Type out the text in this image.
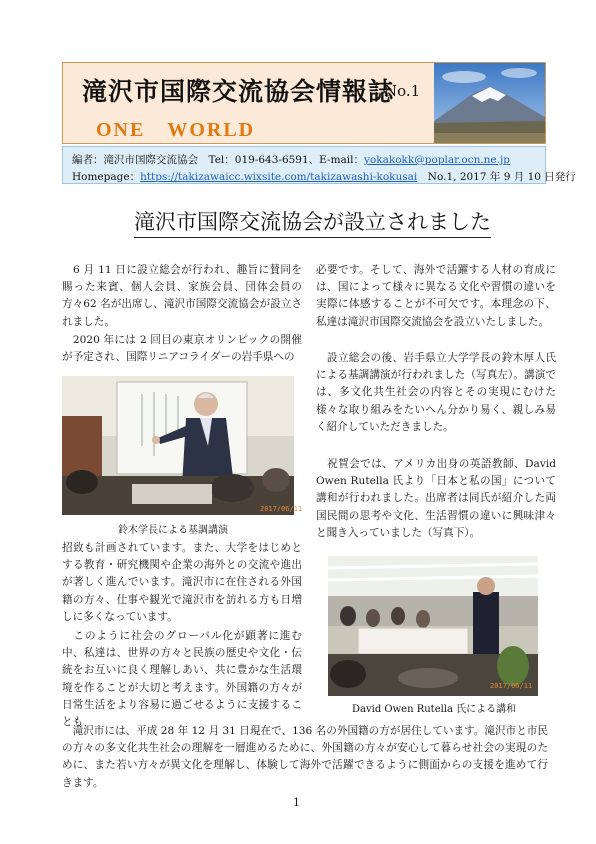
滝沢市国際交流協会情報誌
No.1
ONE　WORLD
編者：滝沢市国際交流協会　Tel：019-643-6591、E-mail：yokakokk@poplar.ocn.ne.jp
Homepage：https://takizawaicc.wixsite.com/takizawashi-kokusai　No.1, 2017 年 9 月 10 日発行
滝沢市国際交流協会が設立されました

　6 月 11 日に設立総会が行われ、趣旨に賛同を賜った来賓、個人会員、家族会員、団体会員の方々62 名が出席し、滝沢市国際交流協会が設立されました。

　2020 年には 2 回目の東京オリンピックの開催が予定され、国際リニアコライダーの岩手県への

2017/06/11
鈴木学長による基調講演

招致も計画されています。また、大学をはじめとする教育・研究機関や企業の海外との交流や進出が著しく進んでいます。滝沢市に在住される外国籍の方々、仕事や観光で滝沢市を訪れる方も日増しに多くなっています。

　このように社会のグローバル化が顕著に進む中、私達は、世界の方々と民族の歴史や文化・伝統をお互いに良く理解しあい、共に豊かな生活環境を作ることが大切と考えます。外国籍の方々が日常生活をより容易に過ごせるように支援することも

必要です。そして、海外で活躍する人材の育成には、国によって様々に異なる文化や習慣の違いを実際に体感することが不可欠です。本理念の下、私達は滝沢市国際交流協会を設立いたしました。

　設立総会の後、岩手県立大学学長の鈴木厚人氏による基調講演が行われました（写真左）。講演では、多文化共生社会の内容とその実現にむけた様々な取り組みをたいへん分かり易く、親しみ易く紹介していただきました。

　祝賀会では、アメリカ出身の英語教師、David Owen Rutella 氏より「日本と私の国」について講和が行われました。出席者は同氏が紹介した両国民間の思考や文化、生活習慣の違いに興味津々と聞き入っていました（写真下）。

2017/06/11
David Owen Rutella 氏による講和

　滝沢市には、平成 28 年 12 月 31 日現在で、136 名の外国籍の方が居住しています。滝沢市と市民の方々の多文化共生社会の理解を一層進めるために、外国籍の方々が安心して暮らせ社会の実現のために、また若い方々が異文化を理解し、体験して海外で活躍できるように側面からの支援を進めて行きます。

1
